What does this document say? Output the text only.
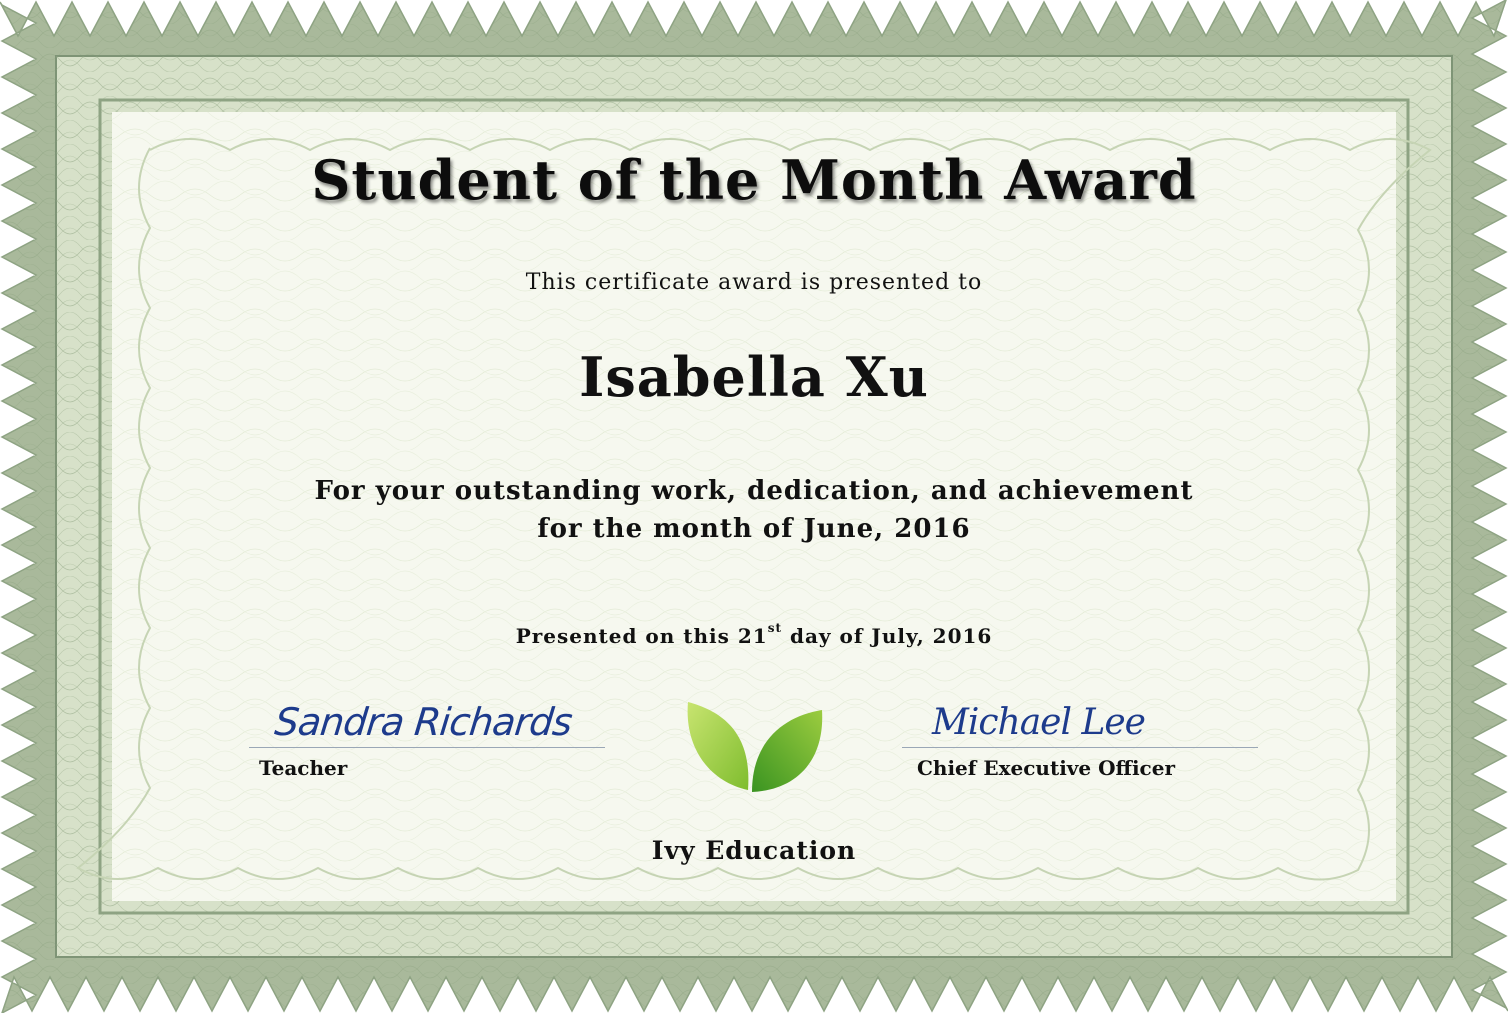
Student of the Month Award
This certificate award is presented to
Isabella Xu
For your outstanding work, dedication, and achievement
for the month of June, 2016
Presented on this 21st day of July, 2016
Sandra Richards
Teacher
Michael Lee
Chief Executive Officer
Ivy Education
